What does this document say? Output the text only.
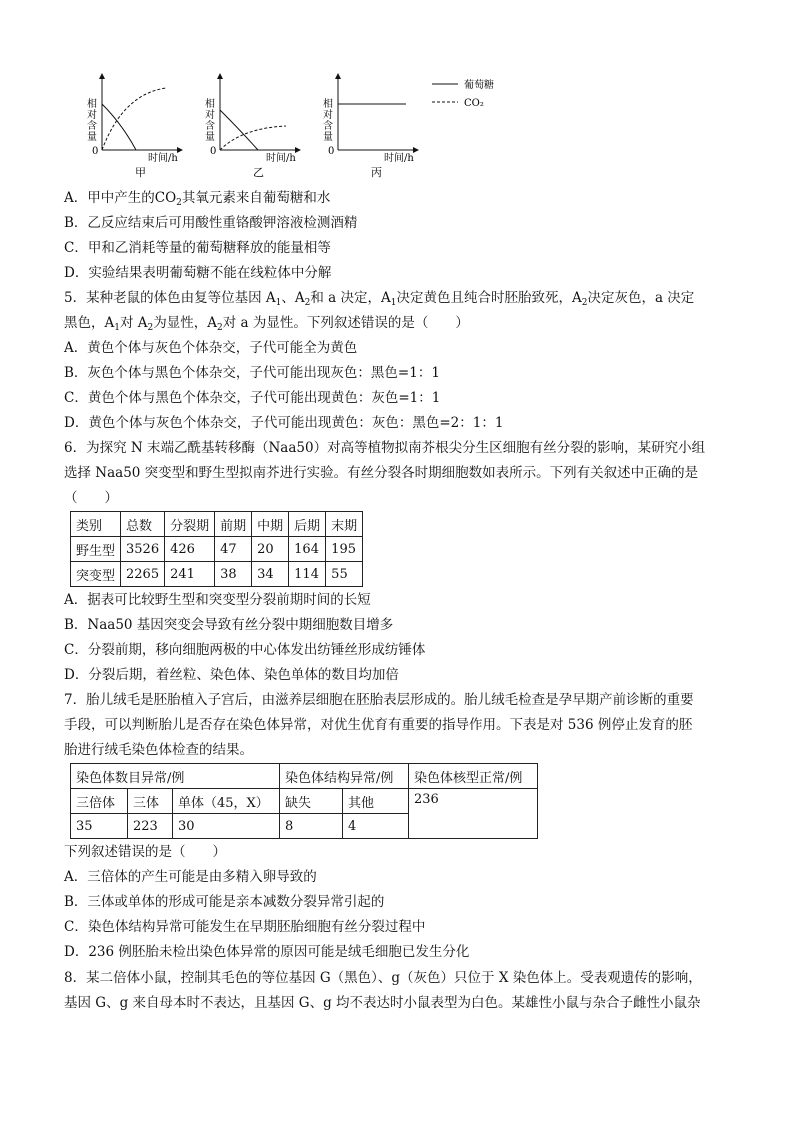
相对含量
0
时间/h
甲
相对含量
0
时间/h
乙
相对含量
0
时间/h
丙
葡萄糖
CO₂
A．甲中产生的$CO_2$其氧元素来自葡萄糖和水
B．乙反应结束后可用酸性重铬酸钾溶液检测酒精
C．甲和乙消耗等量的葡萄糖释放的能量相等
D．实验结果表明葡萄糖不能在线粒体中分解
5．某种老鼠的体色由复等位基因 $A_1$、$A_2$和 a 决定，$A_1$决定黄色且纯合时胚胎致死，$A_2$决定灰色，a 决定
黑色，$A_1$对 $A_2$为显性，$A_2$对 a 为显性。下列叙述错误的是（　　）
A．黄色个体与灰色个体杂交，子代可能全为黄色
B．灰色个体与黑色个体杂交，子代可能出现灰色：黑色=1：1
C．黄色个体与黑色个体杂交，子代可能出现黄色：灰色=1：1
D．黄色个体与灰色个体杂交，子代可能出现黄色：灰色：黑色=2：1：1
6．为探究 N 末端乙酰基转移酶（Naa50）对高等植物拟南芥根尖分生区细胞有丝分裂的影响，某研究小组
选择 Naa50 突变型和野生型拟南芥进行实验。有丝分裂各时期细胞数如表所示。下列有关叙述中正确的是
（　　）
类别	总数	分裂期	前期	中期	后期	末期
野生型	3526	426	47	20	164	195
突变型	2265	241	38	34	114	55
A．据表可比较野生型和突变型分裂前期时间的长短
B．Naa50 基因突变会导致有丝分裂中期细胞数目增多
C．分裂前期，移向细胞两极的中心体发出纺锤丝形成纺锤体
D．分裂后期，着丝粒、染色体、染色单体的数目均加倍
7．胎儿绒毛是胚胎植入子宫后，由滋养层细胞在胚胎表层形成的。胎儿绒毛检查是孕早期产前诊断的重要
手段，可以判断胎儿是否存在染色体异常，对优生优育有重要的指导作用。下表是对 536 例停止发育的胚
胎进行绒毛染色体检查的结果。
染色体数目异常/例			染色体结构异常/例		染色体核型正常/例
三倍体	三体	单体（45，X）	缺失	其他	236
35	223	30	8	4	
下列叙述错误的是（　　）
A．三倍体的产生可能是由多精入卵导致的
B．三体或单体的形成可能是亲本减数分裂异常引起的
C．染色体结构异常可能发生在早期胚胎细胞有丝分裂过程中
D．236 例胚胎未检出染色体异常的原因可能是绒毛细胞已发生分化
8．某二倍体小鼠，控制其毛色的等位基因 G（黑色）、g（灰色）只位于 X 染色体上。受表观遗传的影响，
基因 G、g 来自母本时不表达，且基因 G、g 均不表达时小鼠表型为白色。某雄性小鼠与杂合子雌性小鼠杂
